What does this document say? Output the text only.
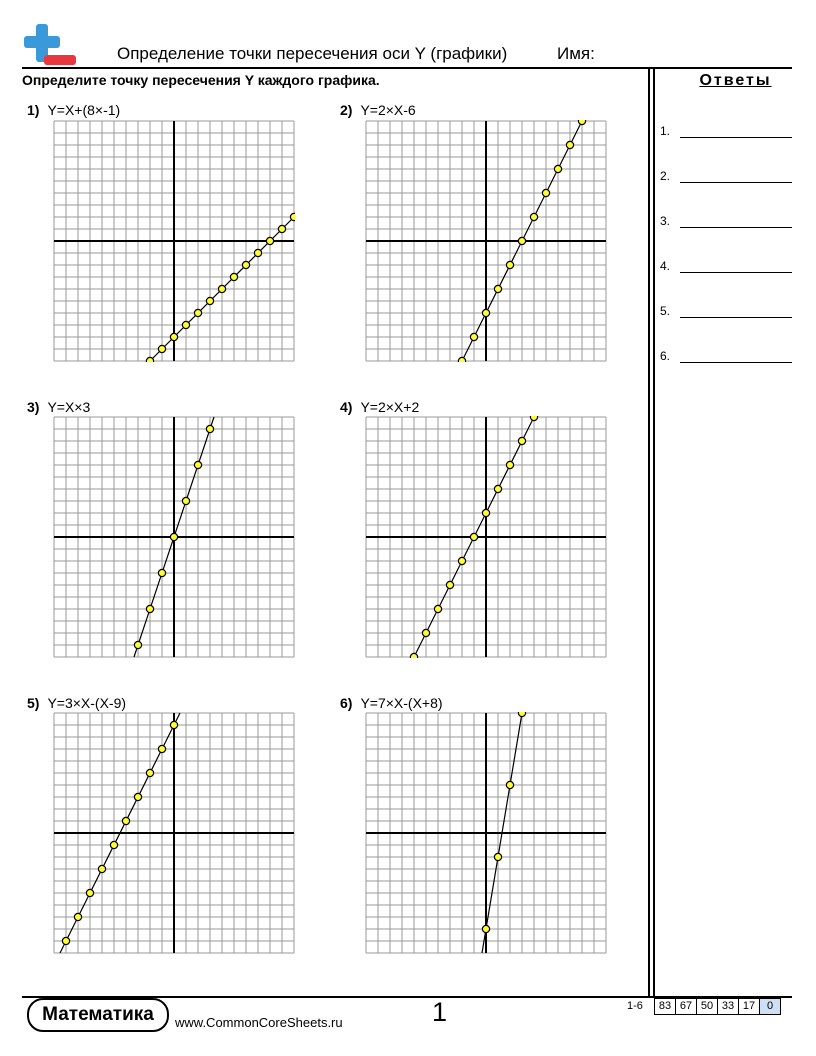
Определение точки пересечения оси Y (графики)	Имя:
Определите точку пересечения Y каждого графика.	Ответы
1.
2.
3.
4.
5.
6.
1) Y=X+(8×-1)	2) Y=2×X-6
3) Y=X×3	4) Y=2×X+2
5) Y=3×X-(X-9)	6) Y=7×X-(X+8)
Математика	www.CommonCoreSheets.ru	1	1-6	83 67 50 33 17	0
